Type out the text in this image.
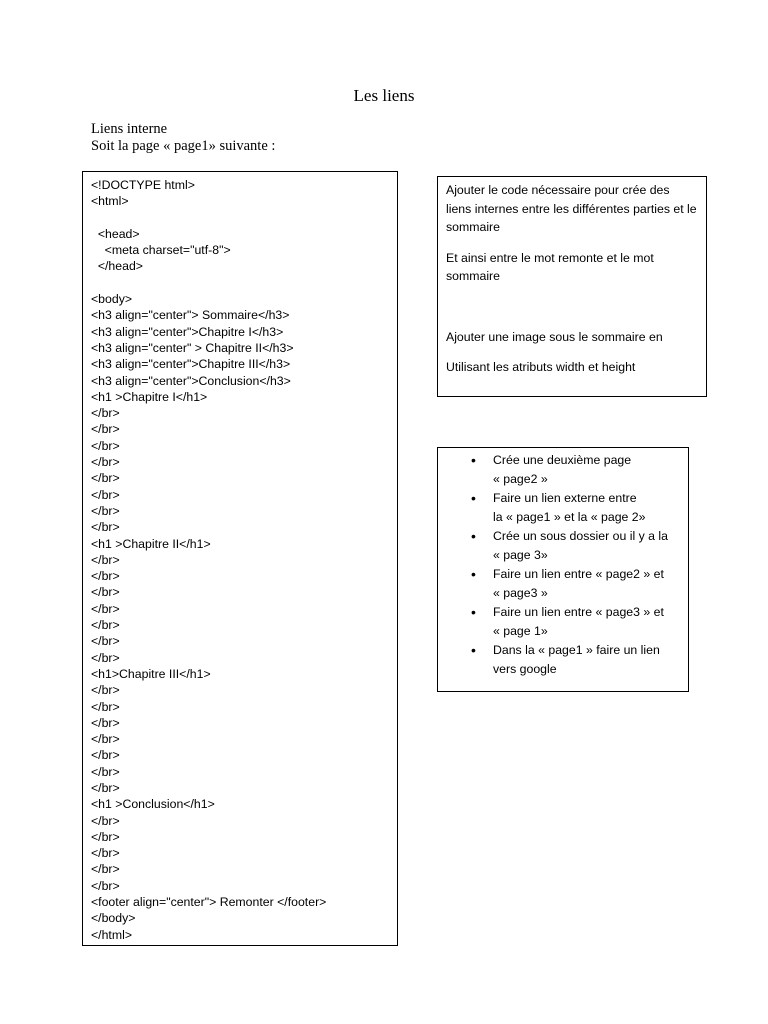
Les liens
Liens interne
Soit la page « page1» suivante :
<!DOCTYPE html>
<html>
<head>
<meta charset="utf-8">
</head>
<body>
<h3 align="center"> Sommaire</h3>
<h3 align="center">Chapitre I</h3>
<h3 align="center" > Chapitre II</h3>
<h3 align="center">Chapitre III</h3>
<h3 align="center">Conclusion</h3>
<h1 >Chapitre I</h1>
</br>
</br>
</br>
</br>
</br>
</br>
</br>
</br>
<h1 >Chapitre II</h1>
</br>
</br>
</br>
</br>
</br>
</br>
</br>
<h1>Chapitre III</h1>
</br>
</br>
</br>
</br>
</br>
</br>
</br>
<h1 >Conclusion</h1>
</br>
</br>
</br>
</br>
</br>
<footer align="center"> Remonter </footer>
</body>
</html>

Ajouter le code nécessaire pour crée des liens internes entre les différentes parties et le sommaire

Et ainsi entre le mot remonte et le mot sommaire

Ajouter une image sous le sommaire en

Utilisant les atributs width et height

• Crée une deuxième page
« page2 »
• Faire un lien externe entre
la « page1 » et la « page 2»
• Crée un sous dossier ou il y a la
« page 3»
• Faire un lien entre « page2 » et
« page3 »
• Faire un lien entre « page3 » et
« page 1»
• Dans la « page1 » faire un lien
vers google
